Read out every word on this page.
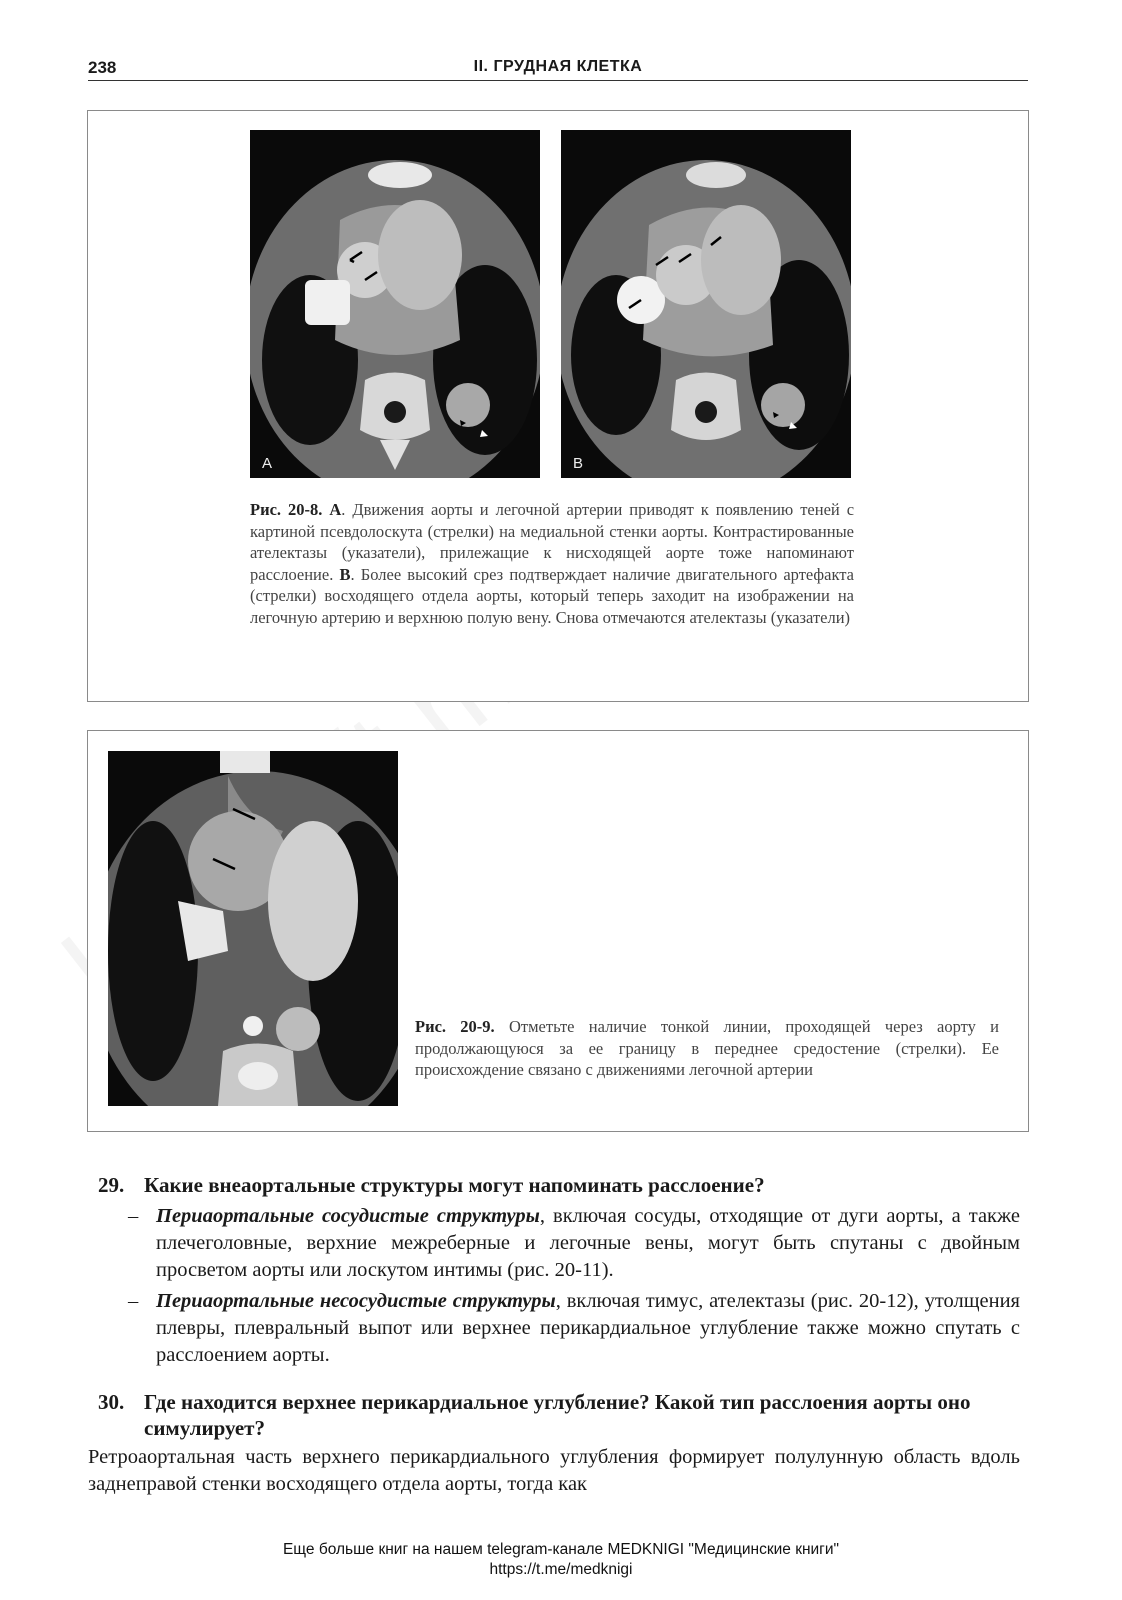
238	II. ГРУДНАЯ КЛЕТКА
A	B
Рис. 20-8. А. Движения аорты и легочной артерии приводят к появлению теней с картиной псевдолоскута (стрелки) на медиальной стенки аорты. Контрастированные ателектазы (указатели), прилежащие к нисходящей аорте тоже напоминают расслоение. В. Более высокий срез подтверждает наличие двигательного артефакта (стрелки) восходящего отдела аорты, который теперь заходит на изображении на легочную артерию и верхнюю полую вену. Снова отмечаются ателектазы (указатели)
Рис. 20-9. Отметьте наличие тонкой линии, проходящей через аорту и продолжающуюся за ее границу в переднее средостение (стрелки). Ее происхождение связано с движениями легочной артерии
29. Какие внеаортальные структуры могут напоминать расслоение?
– Периаортальные сосудистые структуры, включая сосуды, отходящие от дуги аорты, а также плечеголовные, верхние межреберные и легочные вены, могут быть спутаны с двойным просветом аорты или лоскутом интимы (рис. 20-11).
– Периаортальные несосудистые структуры, включая тимус, ателектазы (рис. 20-12), утолщения плевры, плевральный выпот или верхнее перикардиальное углубление также можно спутать с расслоением аорты.
30. Где находится верхнее перикардиальное углубление? Какой тип расслоения аорты оно симулирует?
Ретроаортальная часть верхнего перикардиального углубления формирует полулунную область вдоль заднеправой стенки восходящего отдела аорты, тогда как
Еще больше книг на нашем telegram-канале MEDKNIGI "Медицинские книги"
https://t.me/medknigi
